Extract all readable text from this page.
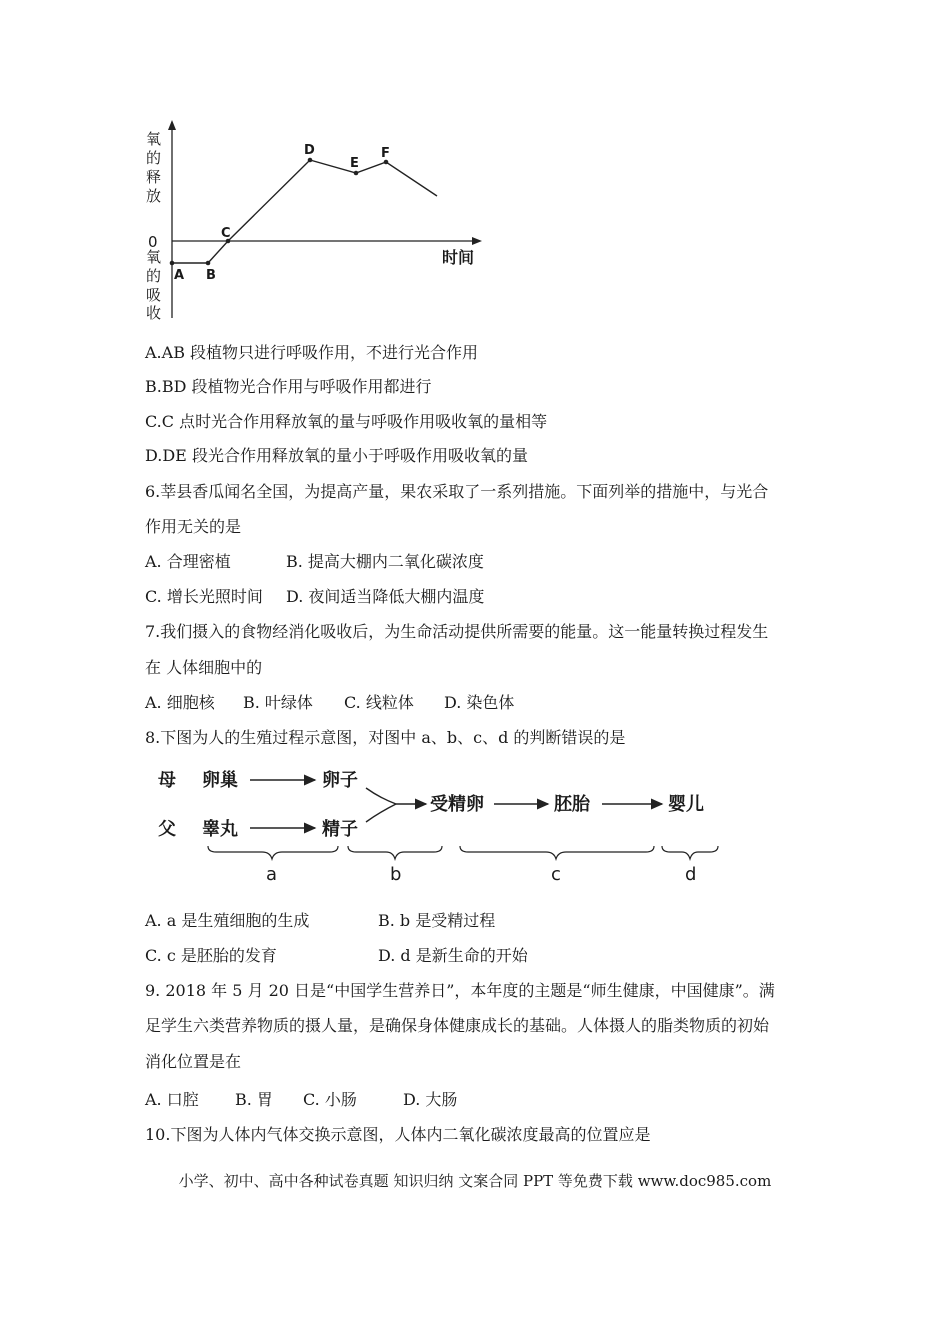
氧
的
释
放
0
氧
的
吸
收
时间
A B
C
D
E
F
A.AB 段植物只进行呼吸作用，不进行光合作用
B.BD 段植物光合作用与呼吸作用都进行
C.C 点时光合作用释放氧的量与呼吸作用吸收氧的量相等
D.DE 段光合作用释放氧的量小于呼吸作用吸收氧的量
6.莘县香瓜闻名全国，为提高产量，果农采取了一系列措施。下面列举的措施中，与光合
作用无关的是
A. 合理密植	B. 提高大棚内二氧化碳浓度
C. 增长光照时间 D. 夜间适当降低大棚内温度
7.我们摄入的食物经消化吸收后，为生命活动提供所需要的能量。这一能量转换过程发生
在 人体细胞中的
A. 细胞核 B. 叶绿体 C. 线粒体 D. 染色体
8.下图为人的生殖过程示意图，对图中 a、b、c、d 的判断错误的是
母
父
卵巢
睾丸
卵子
精子
受精卵	胚胎	婴儿
a	b	c	d
A. a 是生殖细胞的生成	B. b 是受精过程
C. c 是胚胎的发育	D. d 是新生命的开始
9. 2018 年 5 月 20 日是“中国学生营养日”，本年度的主题是“师生健康，中国健康”。满
足学生六类营养物质的摄人量，是确保身体健康成长的基础。人体摄人的脂类物质的初始
消化位置是在
A. 口腔 B. 胃 C. 小肠	D. 大肠
10.下图为人体内气体交换示意图，人体内二氧化碳浓度最高的位置应是
小学、初中、高中各种试卷真题 知识归纳 文案合同 PPT 等免费下载 www.doc985.com
